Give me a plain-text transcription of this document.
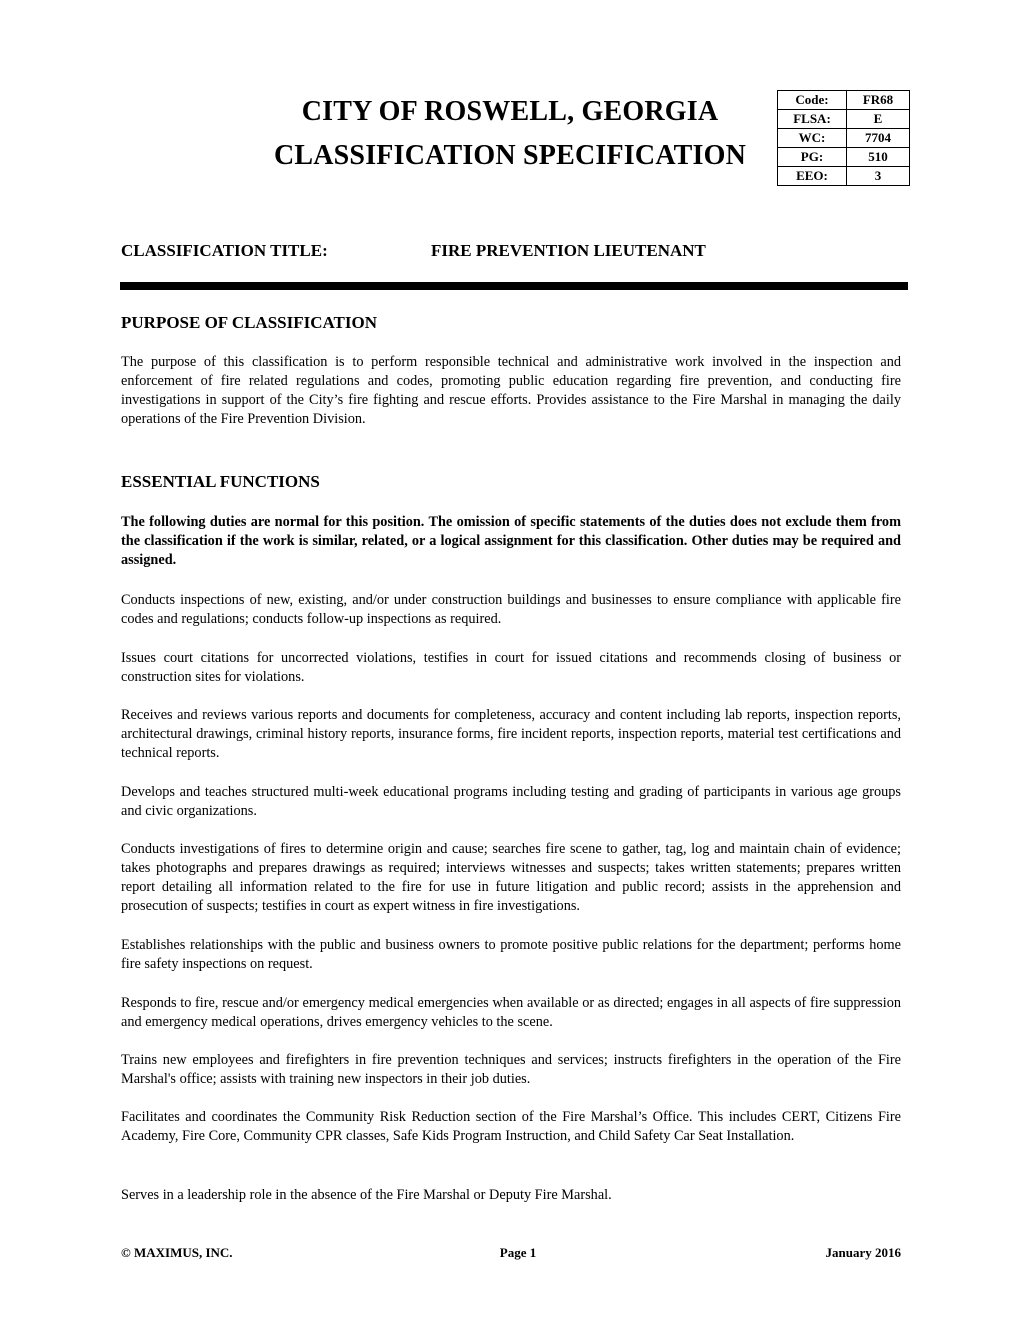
CITY OF ROSWELL, GEORGIA
CLASSIFICATION SPECIFICATION
Code:	FR68
FLSA:	E
WC:	7704
PG:	510
EEO:	3
CLASSIFICATION TITLE:	FIRE PREVENTION LIEUTENANT
PURPOSE OF CLASSIFICATION

The purpose of this classification is to perform responsible technical and administrative work involved in the inspection and enforcement of fire related regulations and codes, promoting public education regarding fire prevention, and conducting fire investigations in support of the City’s fire fighting and rescue efforts. Provides assistance to the Fire Marshal in managing the daily operations of the Fire Prevention Division.

ESSENTIAL FUNCTIONS

The following duties are normal for this position. The omission of specific statements of the duties does not exclude them from the classification if the work is similar, related, or a logical assignment for this classification. Other duties may be required and assigned.

Conducts inspections of new, existing, and/or under construction buildings and businesses to ensure compliance with applicable fire codes and regulations; conducts follow-up inspections as required.

Issues court citations for uncorrected violations, testifies in court for issued citations and recommends closing of business or construction sites for violations.

Receives and reviews various reports and documents for completeness, accuracy and content including lab reports, inspection reports, architectural drawings, criminal history reports, insurance forms, fire incident reports, inspection reports, material test certifications and technical reports.

Develops and teaches structured multi-week educational programs including testing and grading of participants in various age groups and civic organizations.

Conducts investigations of fires to determine origin and cause; searches fire scene to gather, tag, log and maintain chain of evidence; takes photographs and prepares drawings as required; interviews witnesses and suspects; takes written statements; prepares written report detailing all information related to the fire for use in future litigation and public record; assists in the apprehension and prosecution of suspects; testifies in court as expert witness in fire investigations.

Establishes relationships with the public and business owners to promote positive public relations for the department; performs home fire safety inspections on request.

Responds to fire, rescue and/or emergency medical emergencies when available or as directed; engages in all aspects of fire suppression and emergency medical operations, drives emergency vehicles to the scene.

Trains new employees and firefighters in fire prevention techniques and services; instructs firefighters in the operation of the Fire Marshal's office; assists with training new inspectors in their job duties.

Facilitates and coordinates the Community Risk Reduction section of the Fire Marshal’s Office. This includes CERT, Citizens Fire Academy, Fire Core, Community CPR classes, Safe Kids Program Instruction, and Child Safety Car Seat Installation.

Serves in a leadership role in the absence of the Fire Marshal or Deputy Fire Marshal.

© MAXIMUS, INC.	Page 1	January 2016
